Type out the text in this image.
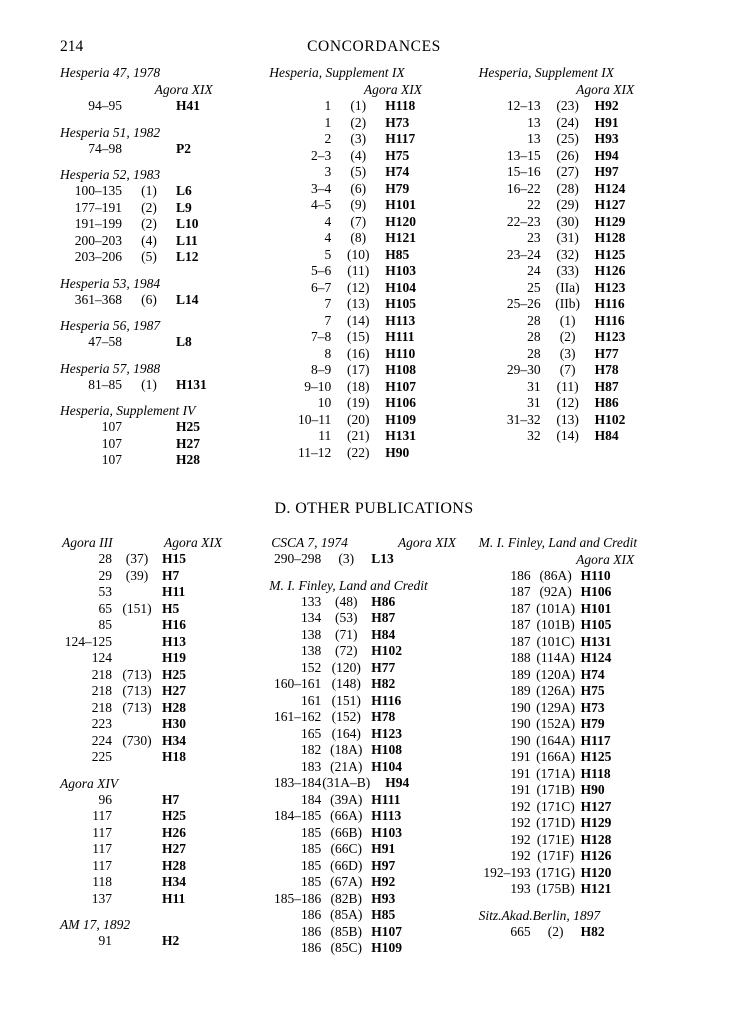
214	CONCORDANCES
Hesperia 47, 1978
Agora XIX
94–95		H41
Hesperia 51, 1982
74–98		P2
Hesperia 52, 1983
100–135	(1)	L6
177–191	(2)	L9
191–199	(2)	L10
200–203	(4)	L11
203–206	(5)	L12
Hesperia 53, 1984
361–368	(6)	L14
Hesperia 56, 1987
47–58		L8
Hesperia 57, 1988
81–85	(1)	H131
Hesperia, Supplement IV
107		H25
107		H27
107		H28
Hesperia, Supplement IX
Agora XIX
1	(1)	H118
1	(2)	H73
2	(3)	H117
2–3	(4)	H75
3	(5)	H74
3–4	(6)	H79
4–5	(9)	H101
4	(7)	H120
4	(8)	H121
5	(10)	H85
5–6	(11)	H103
6–7	(12)	H104
7	(13)	H105
7	(14)	H113
7–8	(15)	H111
8	(16)	H110
8–9	(17)	H108
9–10	(18)	H107
10	(19)	H106
10–11	(20)	H109
11	(21)	H131
11–12	(22)	H90
Hesperia, Supplement IX
Agora XIX
12–13	(23)	H92
13	(24)	H91
13	(25)	H93
13–15	(26)	H94
15–16	(27)	H97
16–22	(28)	H124
22	(29)	H127
22–23	(30)	H129
23	(31)	H128
23–24	(32)	H125
24	(33)	H126
25	(IIa)	H123
25–26	(IIb)	H116
28	(1)	H116
28	(2)	H123
28	(3)	H77
29–30	(7)	H78
31	(11)	H87
31	(12)	H86
31–32	(13)	H102
32	(14)	H84
D. OTHER PUBLICATIONS
Agora III		Agora XIX
28	(37)	H15
29	(39)	H7
53		H11
65	(151)	H5
85		H16
124–125		H13
124		H19
218	(713)	H25
218	(713)	H27
218	(713)	H28
223		H30
224	(730)	H34
225		H18
Agora XIV
96		H7
117		H25
117		H26
117		H27
117		H28
118		H34
137		H11
AM 17, 1892
91		H2
CSCA 7, 1974		Agora XIX
290–298	(3)	L13
M. I. Finley, Land and Credit
133	(48)	H86
134	(53)	H87
138	(71)	H84
138	(72)	H102
152	(120)	H77
160–161	(148)	H82
161	(151)	H116
161–162	(152)	H78
165	(164)	H123
182	(18A)	H108
183	(21A)	H104
183–184	(31A–B)	H94
184	(39A)	H111
184–185	(66A)	H113
185	(66B)	H103
185	(66C)	H91
185	(66D)	H97
185	(67A)	H92
185–186	(82B)	H93
186	(85A)	H85
186	(85B)	H107
186	(85C)	H109
M. I. Finley, Land and Credit
Agora XIX
186	(86A)	H110
187	(92A)	H106
187	(101A)	H101
187	(101B)	H105
187	(101C)	H131
188	(114A)	H124
189	(120A)	H74
189	(126A)	H75
190	(129A)	H73
190	(152A)	H79
190	(164A)	H117
191	(166A)	H125
191	(171A)	H118
191	(171B)	H90
192	(171C)	H127
192	(171D)	H129
192	(171E)	H128
192	(171F)	H126
192–193	(171G)	H120
193	(175B)	H121
Sitz.Akad.Berlin, 1897
665	(2)	H82
